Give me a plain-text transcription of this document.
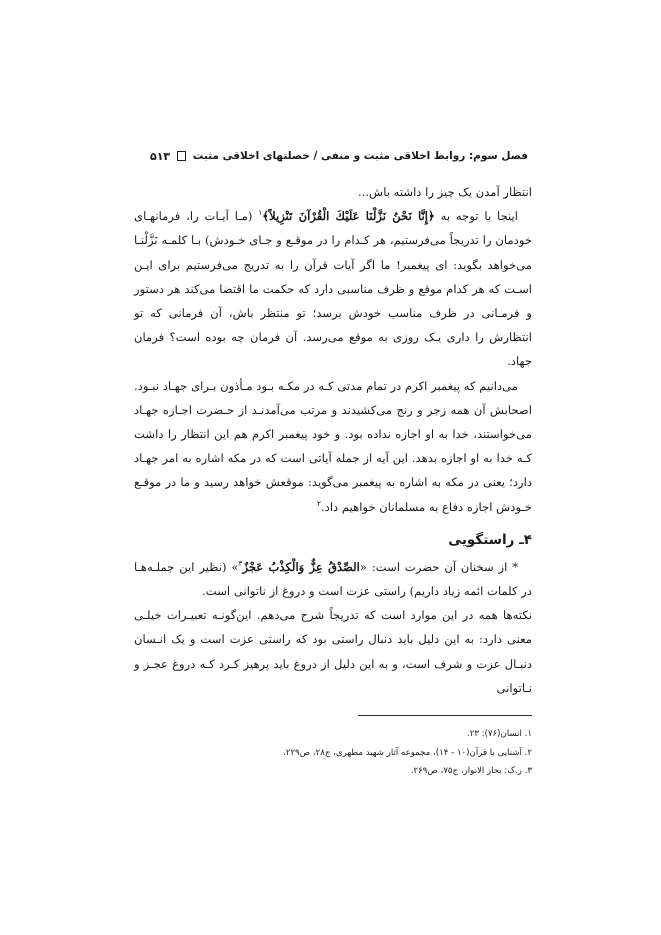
فصل سوم: روابط اخلاقی مثبت و منفی / خصلتهای اخلاقی مثبت
۵۱۳

انتظار آمدن یک چیز را داشته باش...

اینجا با توجه به ﴿إِنَّا نَحْنُ نَزَّلْنَا عَلَيْكَ الْقُرْآنَ تَنْزِيلاً﴾$^۱$ (مـا آیـات را، فرمانهـای خودمان را تدریجاً می‌فرستیم، هر کـدام را در موقـع و جـای خـودش) بـا کلمـه نَزَّلْنـا می‌خواهد بگوید: ای پیغمبر! ما اگر آیات قرآن را به تدریج می‌فرستیم برای ایـن اسـت که هر کدام موقع و ظرف مناسبی دارد که حکمت ما اقتضا می‌کند هر دستور و فرمـانی در ظرف مناسب خودش برسد؛ تو منتظر باش، آن فرمانی که تو انتظارش را داری یـک روزی به موقع می‌رسد. آن فرمان چه بوده است؟ فرمان جهاد.

می‌دانیم که پیغمبر اکرم در تمام مدتی کـه در مکـه بـود مـأذون بـرای جهـاد نبـود. اصحابش آن همه زجر و رنج می‌کشیدند و مرتب می‌آمدنـد از حـضرت اجـازه جهـاد می‌خواستند، خدا به او اجازه نداده بود. و خود پیغمبر اکرم هم این انتظار را داشت کـه خدا به او اجازه بدهد. این آیه از جمله آیاتی است که در مکه اشاره به امر جهـاد دارد؛ یعنی در مکه به اشاره به پیغمبر می‌گوید: موقعش خواهد رسید و ما در موقـع خـودش اجازه دفاع به مسلمانان خواهیم داد.$^۲$

۴ـ راستگویی

* از سخنان آن حضرت است: «الصِّدْقُ عِزٌّ وَالْكِذْبُ عَجْزٌ$^۳$» (نظیر این جملـه‌هـا در کلمات ائمه زیاد داریم) راستی عزت است و دروغ از ناتوانی است.

نکته‌ها همه در این موارد است که تدریجاً شرح می‌دهم. این‌گونـه تعبیـرات خیلـی معنی دارد: به این دلیل باید دنبال راستی بود که راستی عزت است و یک انـسان دنبـال عزت و شرف است، و به این دلیل از دروغ باید پرهیز کـرد کـه دروغ عجـز و نـاتوانی

۱. انسان(۷۶): ۲۳.

۲. آشنایی با قرآن(۱۰ - ۱۴)، مجموعه آثار شهید مطهری، ج۲۸، ص۲۲۹.

۳. ر.ک: بحار الانوار، ج۷۵، ص۲۶۹.
